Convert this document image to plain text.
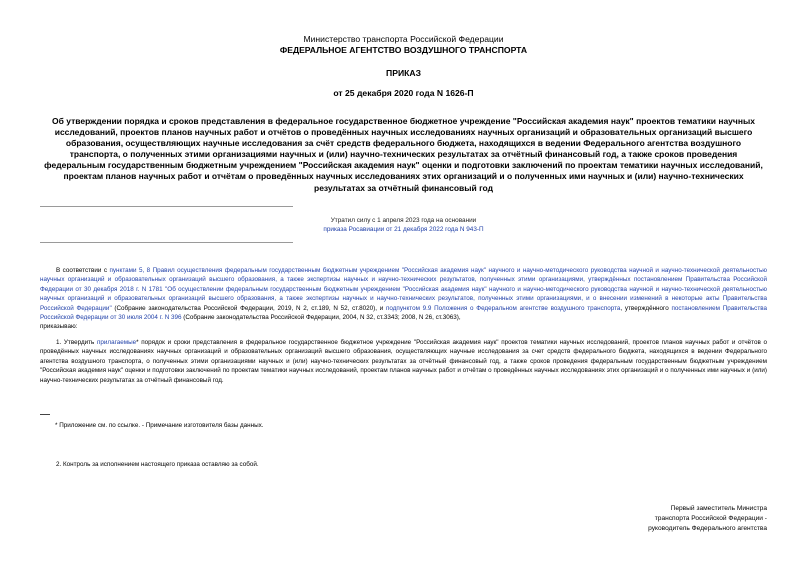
Министерство транспорта Российской Федерации
ФЕДЕРАЛЬНОЕ АГЕНТСТВО ВОЗДУШНОГО ТРАНСПОРТА
ПРИКАЗ
от 25 декабря 2020 года N 1626-П
Об утверждении порядка и сроков представления в федеральное государственное бюджетное учреждение "Российская академия наук" проектов тематики научных исследований, проектов планов научных работ и отчётов о проведённых научных исследованиях научных организаций и образовательных организаций высшего образования, осуществляющих научные исследования за счёт средств федерального бюджета, находящихся в ведении Федерального агентства воздушного транспорта, о полученных этими организациями научных и (или) научно-технических результатах за отчётный финансовый год, а также сроков проведения федеральным государственным бюджетным учреждением "Российская академия наук" оценки и подготовки заключений по проектам тематики научных исследований, проектам планов научных работ и отчётам о проведённых научных исследованиях этих организаций и о полученных ими научных и (или) научно-технических результатах за отчётный финансовый год
Утратил силу с 1 апреля 2023 года на основании
приказа Росавиации от 21 декабря 2022 года N 943-П
В соответствии с пунктами 5, 8 Правил осуществления федеральным государственным бюджетным учреждением "Российская академия наук" научного и научно-методического руководства научной и научно-технической деятельностью научных организаций и образовательных организаций высшего образования, а также экспертизы научных и научно-технических результатов, полученных этими организациями, утверждённых постановлением Правительства Российской Федерации от 30 декабря 2018 г. N 1781 "Об осуществлении федеральным государственным бюджетным учреждением "Российская академия наук" научного и научно-методического руководства научной и научно-технической деятельностью научных организаций и образовательных организаций высшего образования, а также экспертизы научных и научно-технических результатов, полученных этими организациями, и о внесении изменений в некоторые акты Правительства Российской Федерации" (Собрание законодательства Российской Федерации, 2019, N 2, ст.189, N 52, ст.8020), и подпунктом 9.9 Положения о Федеральном агентстве воздушного транспорта, утверждённого постановлением Правительства Российской Федерации от 30 июля 2004 г. N 396 (Собрание законодательства Российской Федерации, 2004, N 32, ст.3343; 2008, N 26, ст.3063),
приказываю:
1. Утвердить прилагаемые* порядок и сроки представления в федеральное государственное бюджетное учреждение "Российская академия наук" проектов тематики научных исследований, проектов планов научных работ и отчётов о проведённых научных исследованиях научных организаций и образовательных организаций высшего образования, осуществляющих научные исследования за счет средств федерального бюджета, находящихся в ведении Федерального агентства воздушного транспорта, о полученных этими организациями научных и (или) научно-технических результатах за отчётный финансовый год, а также сроков проведения федеральным государственным бюджетным учреждением "Российская академия наук" оценки и подготовки заключений по проектам тематики научных исследований, проектам планов научных работ и отчётам о проведённых научных исследованиях этих организаций и о полученных ими научных и (или) научно-технических результатах за отчётный финансовый год.
* Приложение см. по ссылке. - Примечание изготовителя базы данных.
2. Контроль за исполнением настоящего приказа оставляю за собой.
Первый заместитель Министра
транспорта Российской Федерации -
руководитель Федерального агентства
